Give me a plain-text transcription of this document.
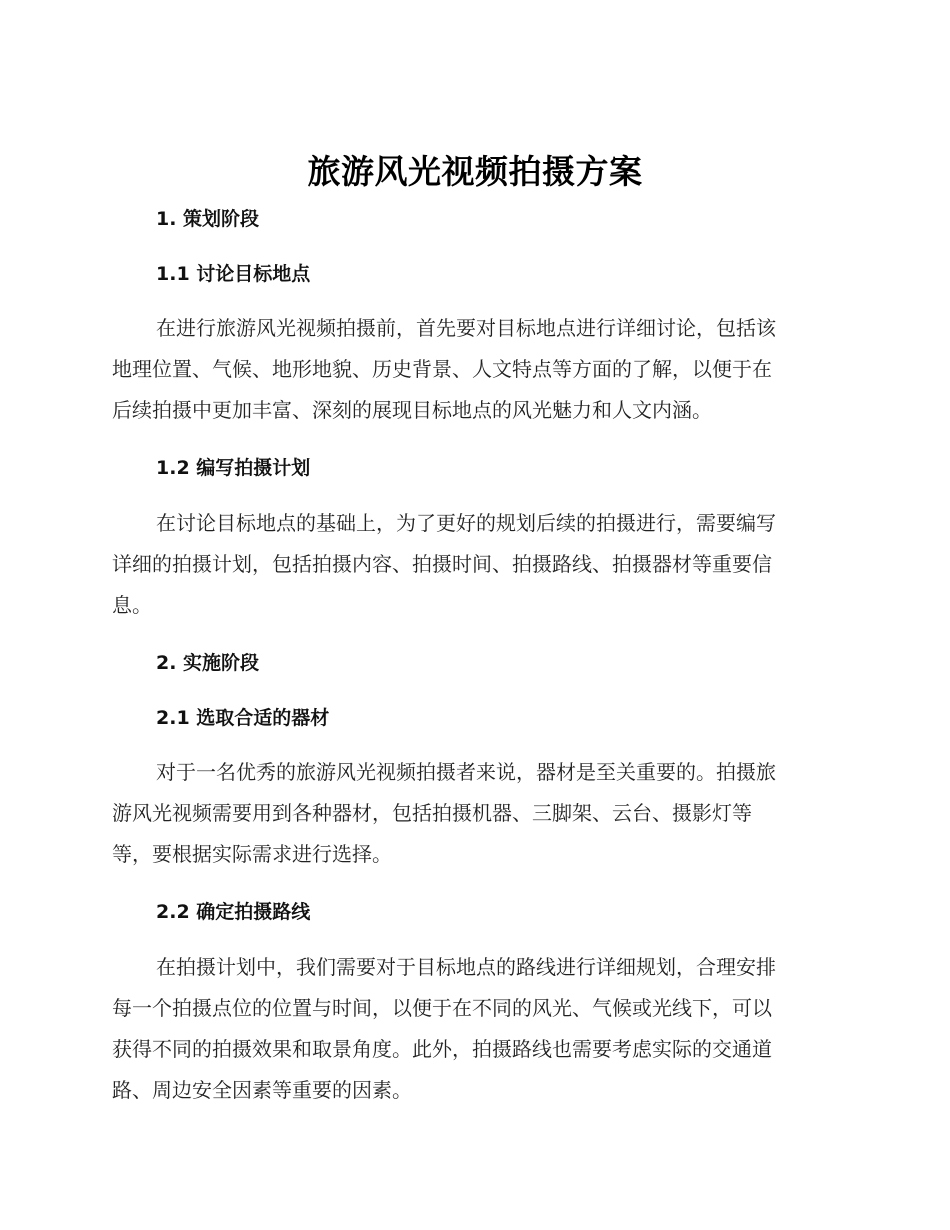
旅游风光视频拍摄方案
1. 策划阶段
1.1 讨论目标地点

在进行旅游风光视频拍摄前，首先要对目标地点进行详细讨论，包括该
地理位置、气候、地形地貌、历史背景、人文特点等方面的了解，以便于在
后续拍摄中更加丰富、深刻的展现目标地点的风光魅力和人文内涵。

1.2 编写拍摄计划

在讨论目标地点的基础上，为了更好的规划后续的拍摄进行，需要编写
详细的拍摄计划，包括拍摄内容、拍摄时间、拍摄路线、拍摄器材等重要信
息。

2. 实施阶段
2.1 选取合适的器材

对于一名优秀的旅游风光视频拍摄者来说，器材是至关重要的。拍摄旅
游风光视频需要用到各种器材，包括拍摄机器、三脚架、云台、摄影灯等
等，要根据实际需求进行选择。

2.2 确定拍摄路线

在拍摄计划中，我们需要对于目标地点的路线进行详细规划，合理安排
每一个拍摄点位的位置与时间，以便于在不同的风光、气候或光线下，可以
获得不同的拍摄效果和取景角度。此外，拍摄路线也需要考虑实际的交通道
路、周边安全因素等重要的因素。
